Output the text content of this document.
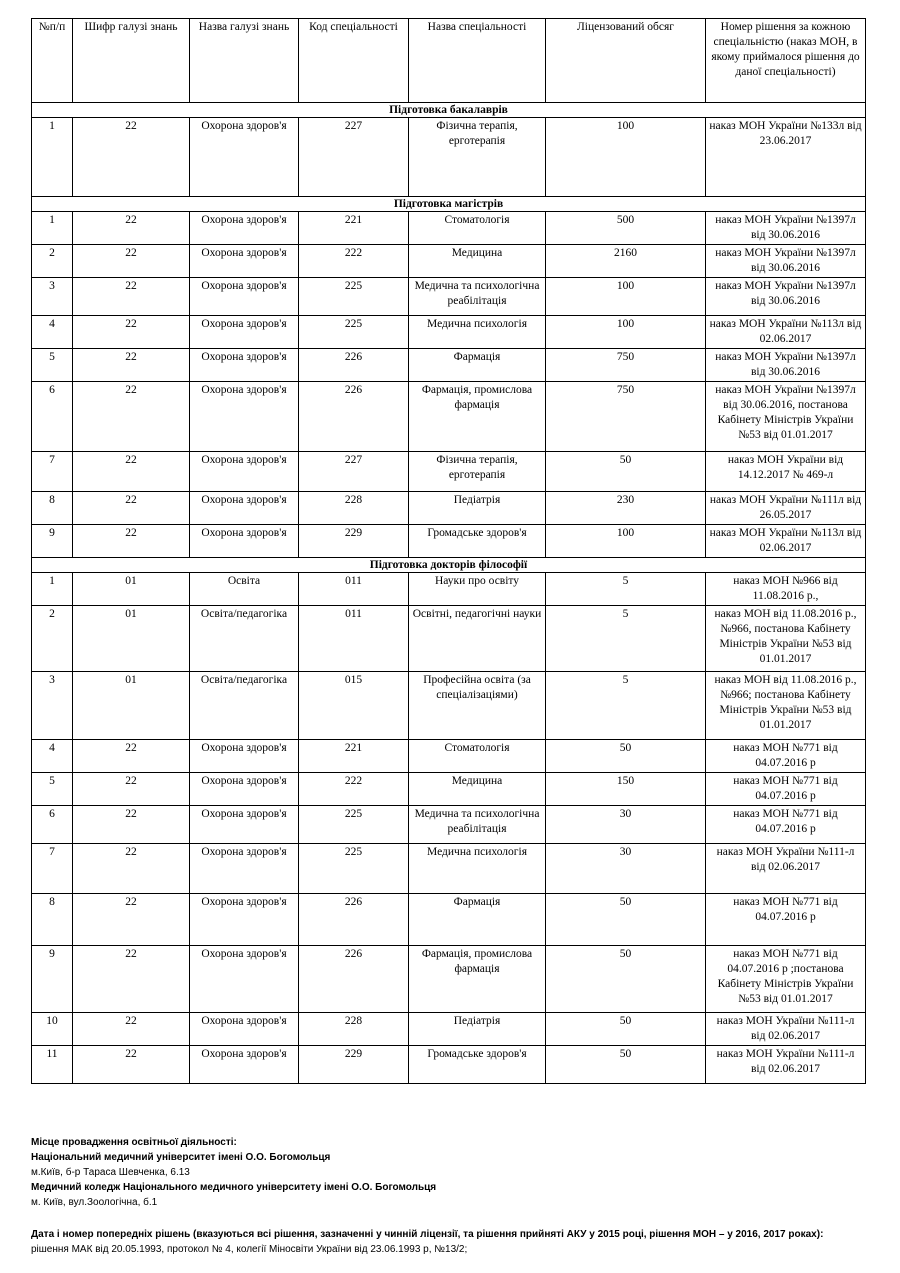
№п/п	Шифр галузі знань	Назва галузі знань	Код спеціальності	Назва спеціальності	Ліцензований обсяг	Номер рішення за кожною спеціальністю (наказ МОН, в якому приймалося рішення до даної спеціальності)
Підготовка бакалаврів						
1	22	Охорона здоров'я	227	Фізична терапія, ерготерапія	100	наказ МОН України №133л від 23.06.2017
Підготовка магістрів						
1	22	Охорона здоров'я	221	Стоматологія	500	наказ МОН України №1397л від 30.06.2016
2	22	Охорона здоров'я	222	Медицина	2160	наказ МОН України №1397л від 30.06.2016
3	22	Охорона здоров'я	225	Медична та психологічна реабілітація	100	наказ МОН України №1397л від 30.06.2016
4	22	Охорона здоров'я	225	Медична психологія	100	наказ МОН України №113л від 02.06.2017
5	22	Охорона здоров'я	226	Фармація	750	наказ МОН України №1397л від 30.06.2016
6	22	Охорона здоров'я	226	Фармація, промислова фармація	750	наказ МОН України №1397л від 30.06.2016, постанова Кабінету Міністрів України №53 від 01.01.2017
7	22	Охорона здоров'я	227	Фізична терапія, ерготерапія	50	наказ МОН України від 14.12.2017 № 469-л
8	22	Охорона здоров'я	228	Педіатрія	230	наказ МОН України №111л від 26.05.2017
9	22	Охорона здоров'я	229	Громадське здоров'я	100	наказ МОН України №113л від 02.06.2017
Підготовка докторів філософії						
1	01	Освіта	011	Науки про освіту	5	наказ МОН №966 від 11.08.2016 р.,
2	01	Освіта/педагогіка	011	Освітні, педагогічні науки	5	наказ МОН від 11.08.2016 р., №966, постанова Кабінету Міністрів України №53 від 01.01.2017
3	01	Освіта/педагогіка	015	Професійна освіта (за спеціалізаціями)	5	наказ МОН від 11.08.2016 р., №966; постанова Кабінету Міністрів України №53 від 01.01.2017
4	22	Охорона здоров'я	221	Стоматологія	50	наказ МОН №771 від 04.07.2016 р
5	22	Охорона здоров'я	222	Медицина	150	наказ МОН №771 від 04.07.2016 р
6	22	Охорона здоров'я	225	Медична та психологічна реабілітація	30	наказ МОН №771 від 04.07.2016 р
7	22	Охорона здоров'я	225	Медична психологія	30	наказ МОН України №111-л від 02.06.2017
8	22	Охорона здоров'я	226	Фармація	50	наказ МОН №771 від 04.07.2016 р
9	22	Охорона здоров'я	226	Фармація, промислова фармація	50	наказ МОН №771 від 04.07.2016 р ;постанова Кабінету Міністрів України №53 від 01.01.2017
10	22	Охорона здоров'я	228	Педіатрія	50	наказ МОН України №111-л від 02.06.2017
11	22	Охорона здоров'я	229	Громадське здоров'я	50	наказ МОН України №111-л від 02.06.2017
Місце провадження освітньої діяльності:
Національний медичний університет імені О.О. Богомольця
м.Київ, б-р Тараса Шевченка, 6.13
Медичний коледж Національного медичного університету імені О.О. Богомольця
м. Київ, вул.Зоологічна, б.1
Дата і номер попередніх рішень (вказуються всі рішення, зазначенні у чинній ліцензії, та рішення прийняті АКУ у 2015 році, рішення МОН – у 2016, 2017 роках):
рішення МАК від 20.05.1993, протокол № 4, колегії Міносвіти України від 23.06.1993 р, №13/2;
